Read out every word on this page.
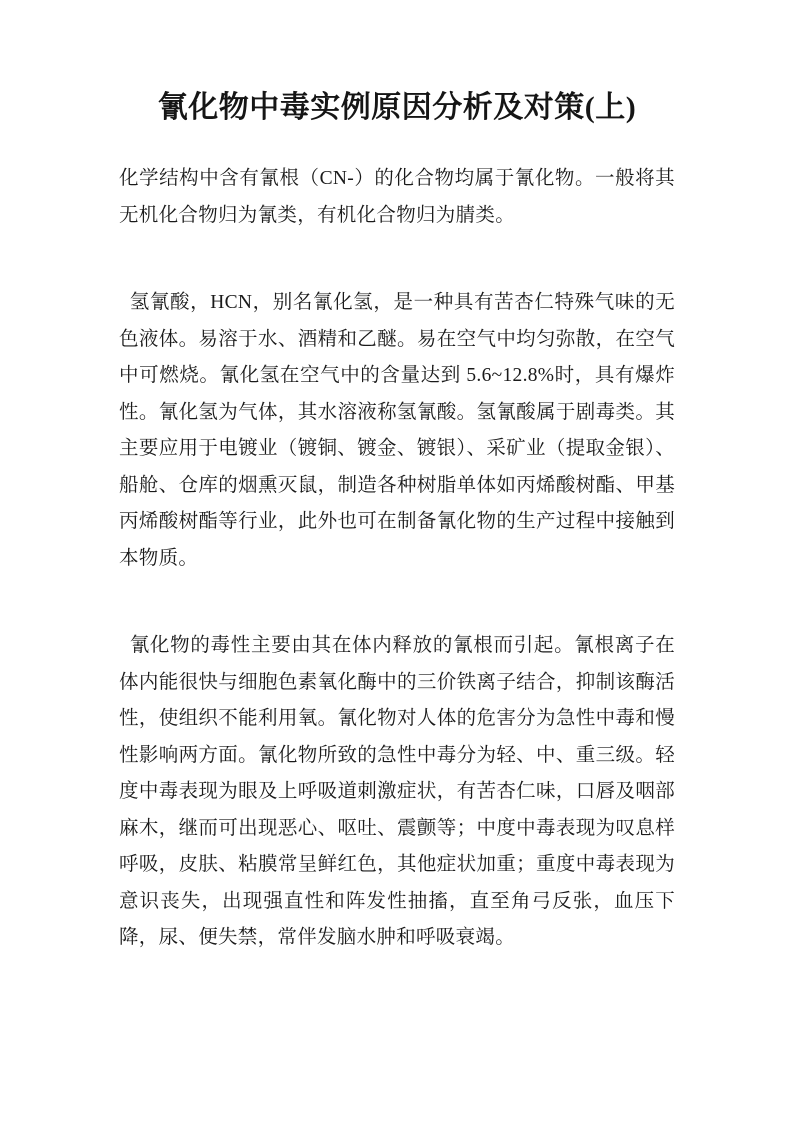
氰化物中毒实例原因分析及对策(上)

化学结构中含有氰根（CN-）的化合物均属于氰化物。一般将其无机化合物归为氰类，有机化合物归为腈类。

氢氰酸，HCN，别名氰化氢，是一种具有苦杏仁特殊气味的无色液体。易溶于水、酒精和乙醚。易在空气中均匀弥散，在空气中可燃烧。氰化氢在空气中的含量达到 5.6~12.8%时，具有爆炸性。氰化氢为气体，其水溶液称氢氰酸。氢氰酸属于剧毒类。其主要应用于电镀业（镀铜、镀金、镀银）、采矿业（提取金银）、船舱、仓库的烟熏灭鼠，制造各种树脂单体如丙烯酸树酯、甲基丙烯酸树酯等行业，此外也可在制备氰化物的生产过程中接触到本物质。

氰化物的毒性主要由其在体内释放的氰根而引起。氰根离子在体内能很快与细胞色素氧化酶中的三价铁离子结合，抑制该酶活性，使组织不能利用氧。氰化物对人体的危害分为急性中毒和慢性影响两方面。氰化物所致的急性中毒分为轻、中、重三级。轻度中毒表现为眼及上呼吸道刺激症状，有苦杏仁味，口唇及咽部麻木，继而可出现恶心、呕吐、震颤等；中度中毒表现为叹息样呼吸，皮肤、粘膜常呈鲜红色，其他症状加重；重度中毒表现为意识丧失，出现强直性和阵发性抽搐，直至角弓反张，血压下降，尿、便失禁，常伴发脑水肿和呼吸衰竭。
